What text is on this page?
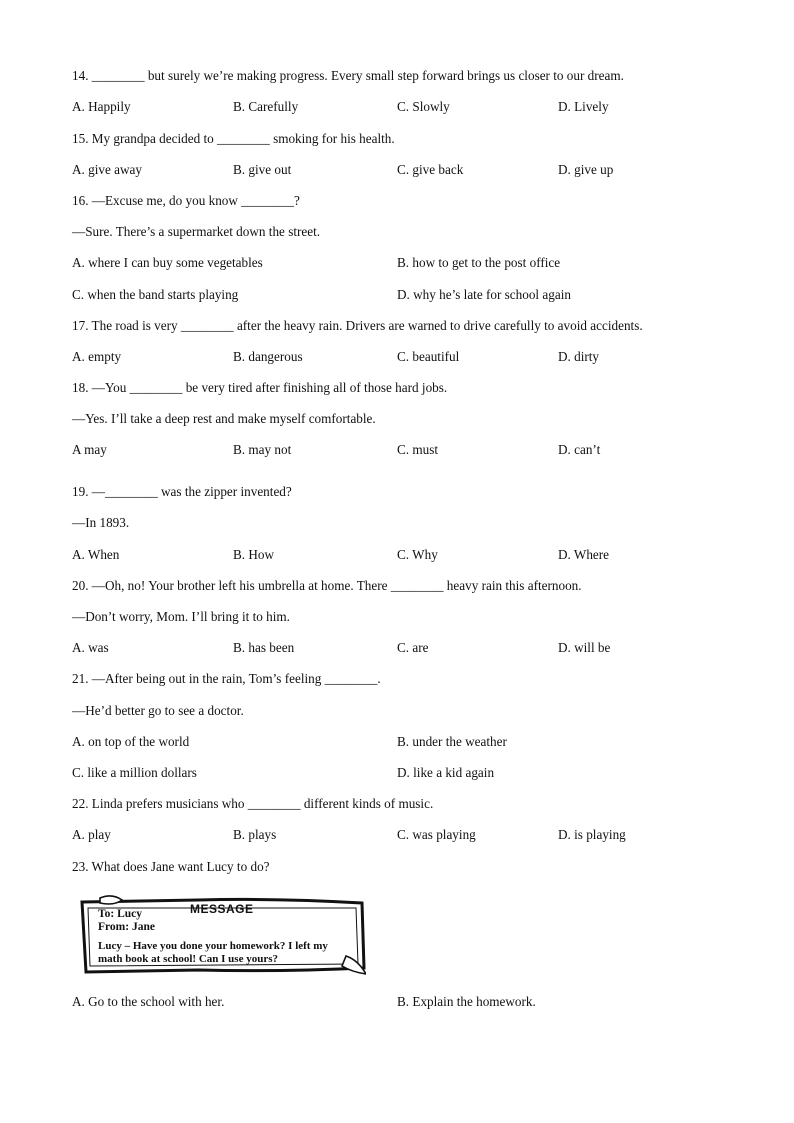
14. ________ but surely we’re making progress. Every small step forward brings us closer to our dream.
A. Happily	B. Carefully	C. Slowly	D. Lively
15. My grandpa decided to ________ smoking for his health.
A. give away	B. give out	C. give back	D. give up
16. —Excuse me, do you know ________?
—Sure. There’s a supermarket down the street.
A. where I can buy some vegetables	B. how to get to the post office
C. when the band starts playing	D. why he’s late for school again
17. The road is very ________ after the heavy rain. Drivers are warned to drive carefully to avoid accidents.
A. empty	B. dangerous	C. beautiful	D. dirty
18. —You ________ be very tired after finishing all of those hard jobs.
—Yes. I’ll take a deep rest and make myself comfortable.
A may	B. may not	C. must	D. can’t
19. —________ was the zipper invented?
—In 1893.
A. When	B. How	C. Why	D. Where
20. —Oh, no! Your brother left his umbrella at home. There ________ heavy rain this afternoon.
—Don’t worry, Mom. I’ll bring it to him.
A. was	B. has been	C. are	D. will be
21. —After being out in the rain, Tom’s feeling ________.
—He’d better go to see a doctor.
A. on top of the world	B. under the weather
C. like a million dollars	D. like a kid again
22. Linda prefers musicians who ________ different kinds of music.
A. play	B. plays	C. was playing	D. is playing
23. What does Jane want Lucy to do?
MESSAGE
To: Lucy
From: Jane
Lucy – Have you done your homework? I left my
math book at school! Can I use yours?
A. Go to the school with her.	B. Explain the homework.
